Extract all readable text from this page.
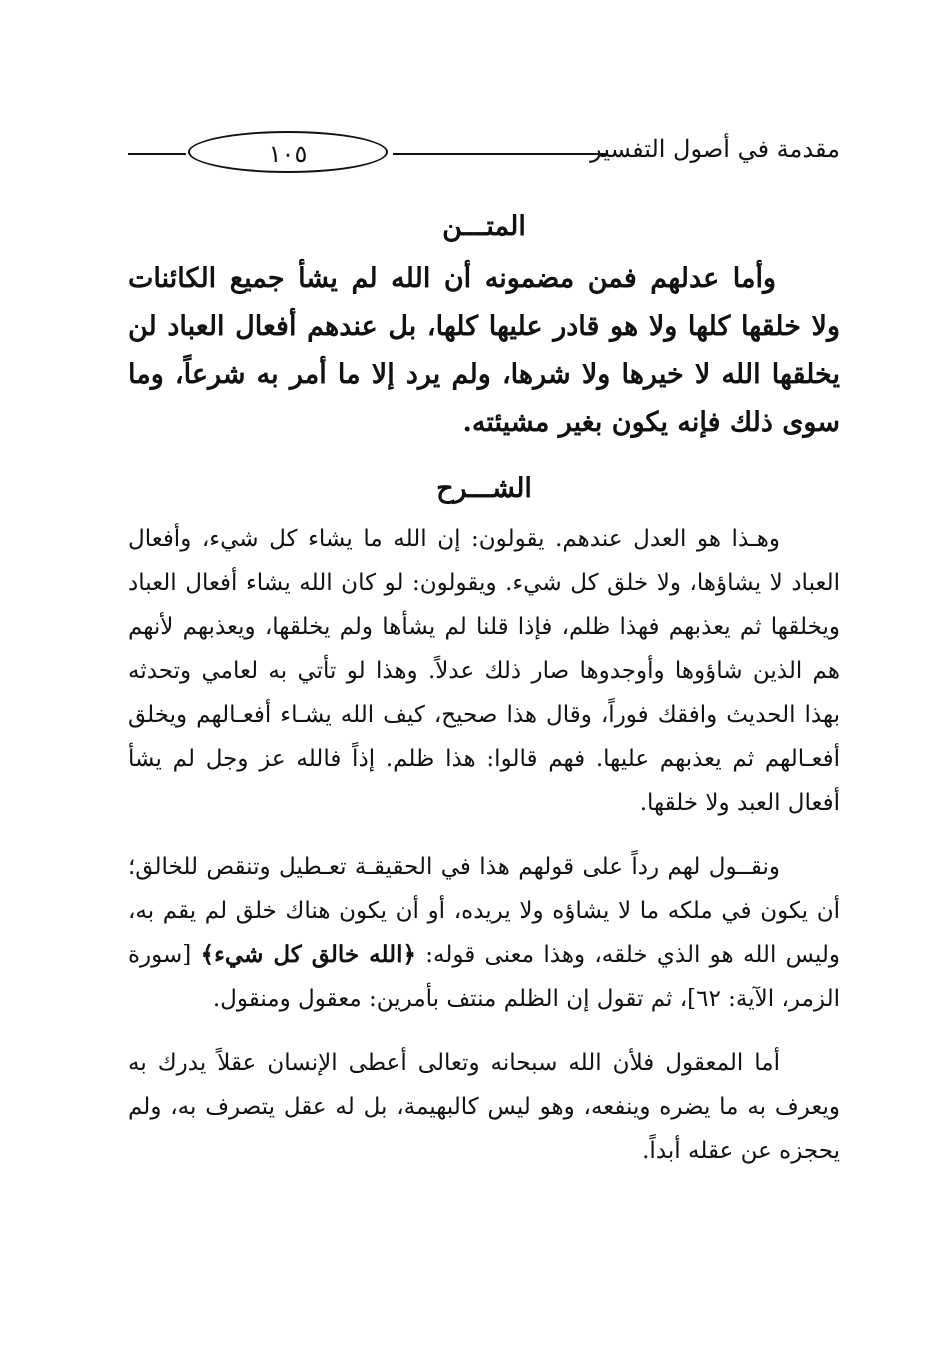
مقدمة في أصول التفسير
١٠٥
المتـــن

وأما عدلهم فمن مضمونه أن الله لم يشأ جميع الكائنات ولا خلقها كلها ولا هو قادر عليها كلها، بل عندهم أفعال العباد لن يخلقها الله لا خيرها ولا شرها، ولم يرد إلا ما أمر به شرعاً، وما سوى ذلك فإنه يكون بغير مشيئته.

الشـــرح

وهـذا هو العدل عندهم. يقولون: إن الله ما يشاء كل شيء، وأفعال العباد لا يشاؤها، ولا خلق كل شيء. ويقولون: لو كان الله يشاء أفعال العباد ويخلقها ثم يعذبهم فهذا ظلم، فإذا قلنا لم يشأها ولم يخلقها، ويعذبهم لأنهم هم الذين شاؤوها وأوجدوها صار ذلك عدلاً. وهذا لو تأتي به لعامي وتحدثه بهذا الحديث وافقك فوراً، وقال هذا صحيح، كيف الله يشـاء أفعـالهم ويخلق أفعـالهم ثم يعذبهم عليها. فهم قالوا: هذا ظلم. إذاً فالله عز وجل لم يشأ أفعال العبد ولا خلقها.

ونقــول لهم رداً على قولهم هذا في الحقيقـة تعـطيل وتنقص للخالق؛ أن يكون في ملكه ما لا يشاؤه ولا يريده، أو أن يكون هناك خلق لم يقم به، وليس الله هو الذي خلقه، وهذا معنى قوله: ﴿الله خالق كل شيء﴾ [سورة الزمر، الآية: ٦٢]، ثم تقول إن الظلم منتف بأمرين: معقول ومنقول.

أما المعقول فلأن الله سبحانه وتعالى أعطى الإنسان عقلاً يدرك به ويعرف به ما يضره وينفعه، وهو ليس كالبهيمة، بل له عقل يتصرف به، ولم يحجزه عن عقله أبداً.
